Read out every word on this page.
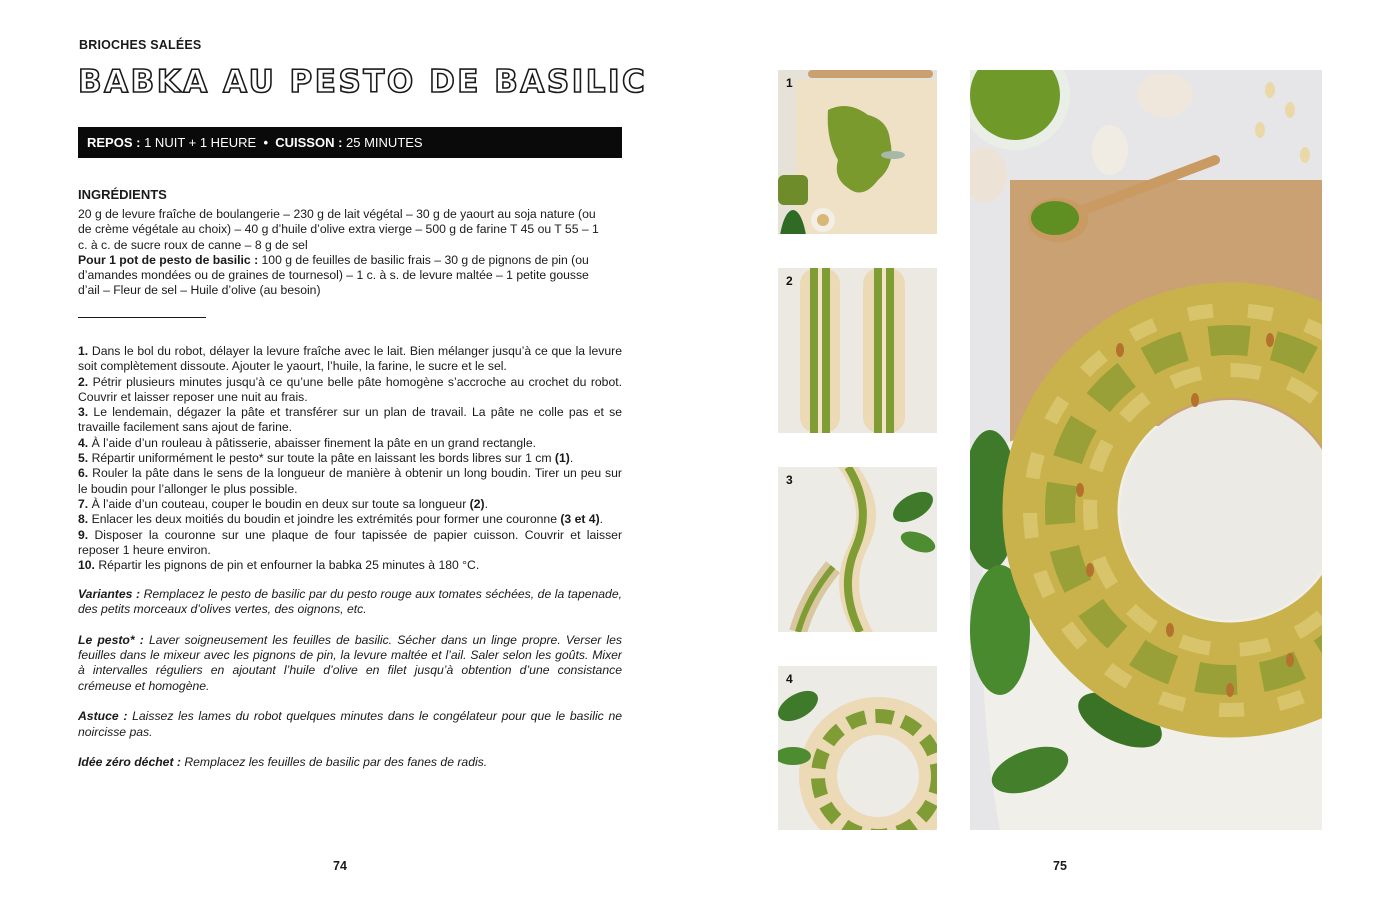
BRIOCHES SALÉES
BABKA AU PESTO DE BASILIC
REPOS : 1 NUIT + 1 HEURE • CUISSON : 25 MINUTES
INGRÉDIENTS
20 g de levure fraîche de boulangerie – 230 g de lait végétal – 30 g de yaourt au soja nature (ou de crème végétale au choix) – 40 g d’huile d’olive extra vierge – 500 g de farine T 45 ou T 55 – 1 c. à c. de sucre roux de canne – 8 g de sel
Pour 1 pot de pesto de basilic : 100 g de feuilles de basilic frais – 30 g de pignons de pin (ou d’amandes mondées ou de graines de tournesol) – 1 c. à s. de levure maltée – 1 petite gousse d’ail – Fleur de sel – Huile d’olive (au besoin)

1. Dans le bol du robot, délayer la levure fraîche avec le lait. Bien mélanger jusqu’à ce que la levure soit complètement dissoute. Ajouter le yaourt, l’huile, la farine, le sucre et le sel.

2. Pétrir plusieurs minutes jusqu’à ce qu’une belle pâte homogène s’accroche au crochet du robot. Couvrir et laisser reposer une nuit au frais.

3. Le lendemain, dégazer la pâte et transférer sur un plan de travail. La pâte ne colle pas et se travaille facilement sans ajout de farine.

4. À l’aide d’un rouleau à pâtisserie, abaisser finement la pâte en un grand rectangle.

5. Répartir uniformément le pesto* sur toute la pâte en laissant les bords libres sur 1 cm (1).

6. Rouler la pâte dans le sens de la longueur de manière à obtenir un long boudin. Tirer un peu sur le boudin pour l’allonger le plus possible.

7. À l’aide d’un couteau, couper le boudin en deux sur toute sa longueur (2).

8. Enlacer les deux moitiés du boudin et joindre les extrémités pour former une couronne (3 et 4).

9. Disposer la couronne sur une plaque de four tapissée de papier cuisson. Couvrir et laisser reposer 1 heure environ.

10. Répartir les pignons de pin et enfourner la babka 25 minutes à 180 °C.

Variantes : Remplacez le pesto de basilic par du pesto rouge aux tomates séchées, de la tapenade, des petits morceaux d’olives vertes, des oignons, etc.

Le pesto* : Laver soigneusement les feuilles de basilic. Sécher dans un linge propre. Verser les feuilles dans le mixeur avec les pignons de pin, la levure maltée et l’ail. Saler selon les goûts. Mixer à intervalles réguliers en ajoutant l’huile d’olive en filet jusqu’à obtention d’une consistance crémeuse et homogène.

Astuce : Laissez les lames du robot quelques minutes dans le congélateur pour que le basilic ne noircisse pas.

Idée zéro déchet : Remplacez les feuilles de basilic par des fanes de radis.

74
1
2
3
4
75
